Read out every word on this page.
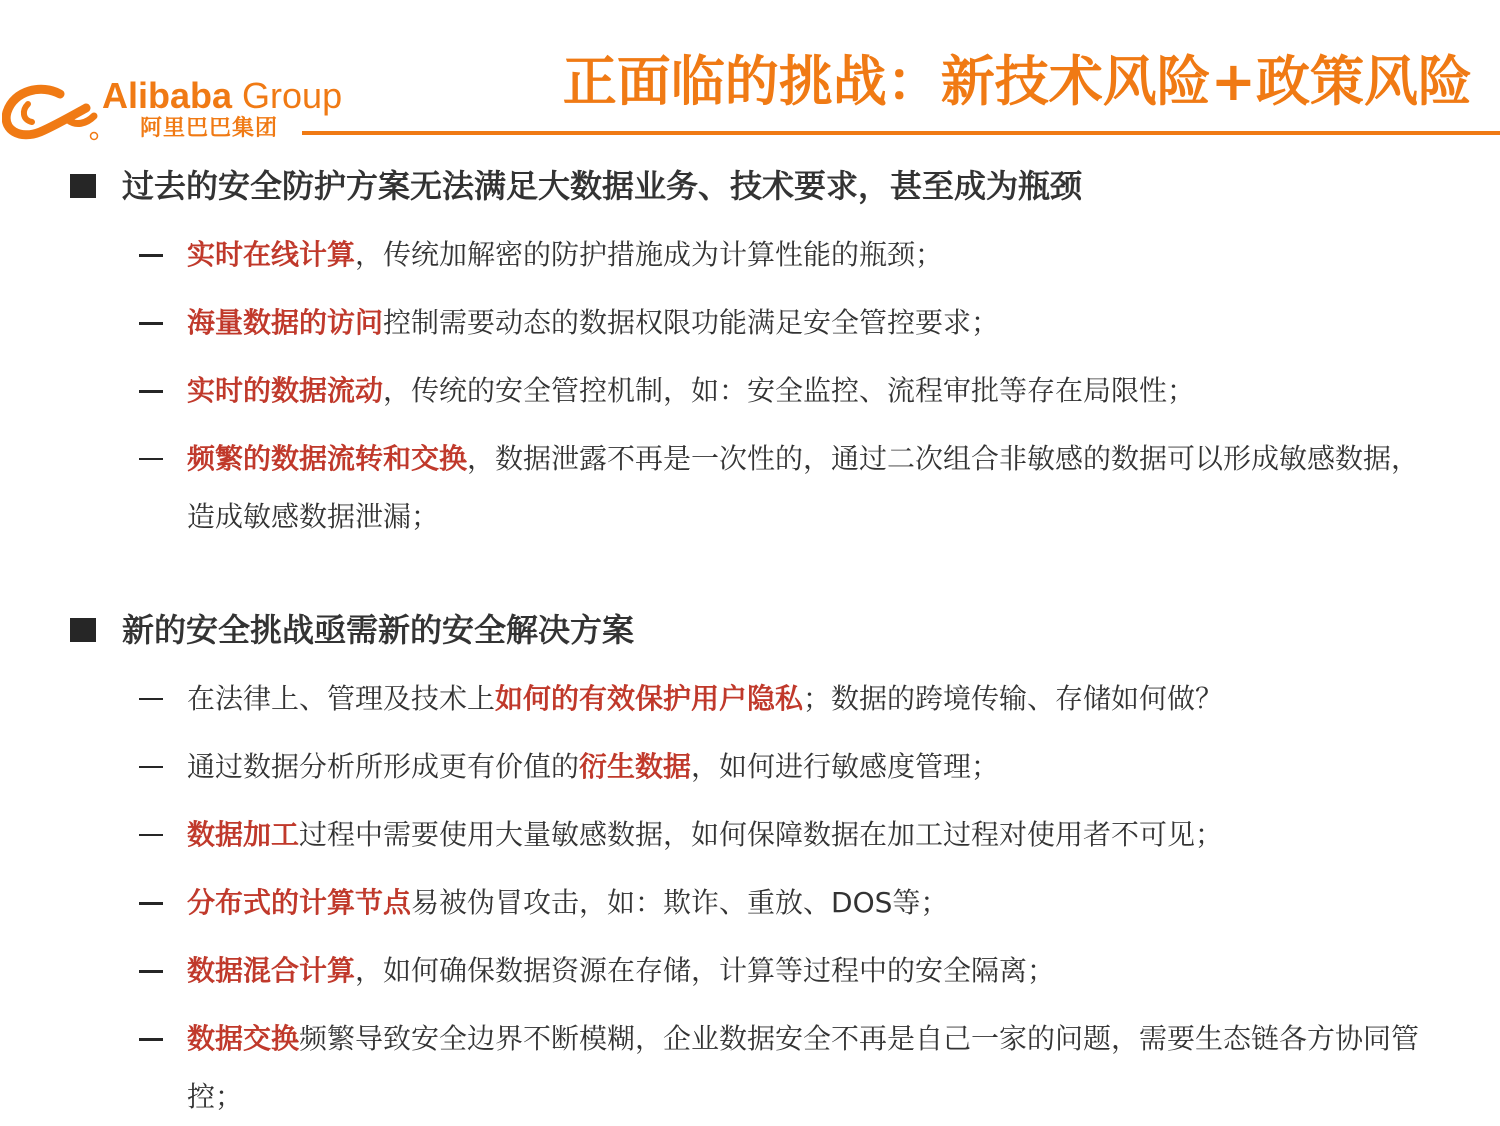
Alibaba Group
阿里巴巴集团
正面临的挑战：新技术风险+政策风险
过去的安全防护方案无法满足大数据业务、技术要求，甚至成为瓶颈

实时在线计算，传统加解密的防护措施成为计算性能的瓶颈；

海量数据的访问控制需要动态的数据权限功能满足安全管控要求；

实时的数据流动，传统的安全管控机制，如：安全监控、流程审批等存在局限性；

频繁的数据流转和交换，数据泄露不再是一次性的，通过二次组合非敏感的数据可以形成敏感数据，造成敏感数据泄漏；

新的安全挑战亟需新的安全解决方案

在法律上、管理及技术上如何的有效保护用户隐私；数据的跨境传输、存储如何做？

通过数据分析所形成更有价值的衍生数据，如何进行敏感度管理；

数据加工过程中需要使用大量敏感数据，如何保障数据在加工过程对使用者不可见；

分布式的计算节点易被伪冒攻击，如：欺诈、重放、DOS等；

数据混合计算，如何确保数据资源在存储，计算等过程中的安全隔离；

数据交换频繁导致安全边界不断模糊，企业数据安全不再是自己一家的问题，需要生态链各方协同管控；
